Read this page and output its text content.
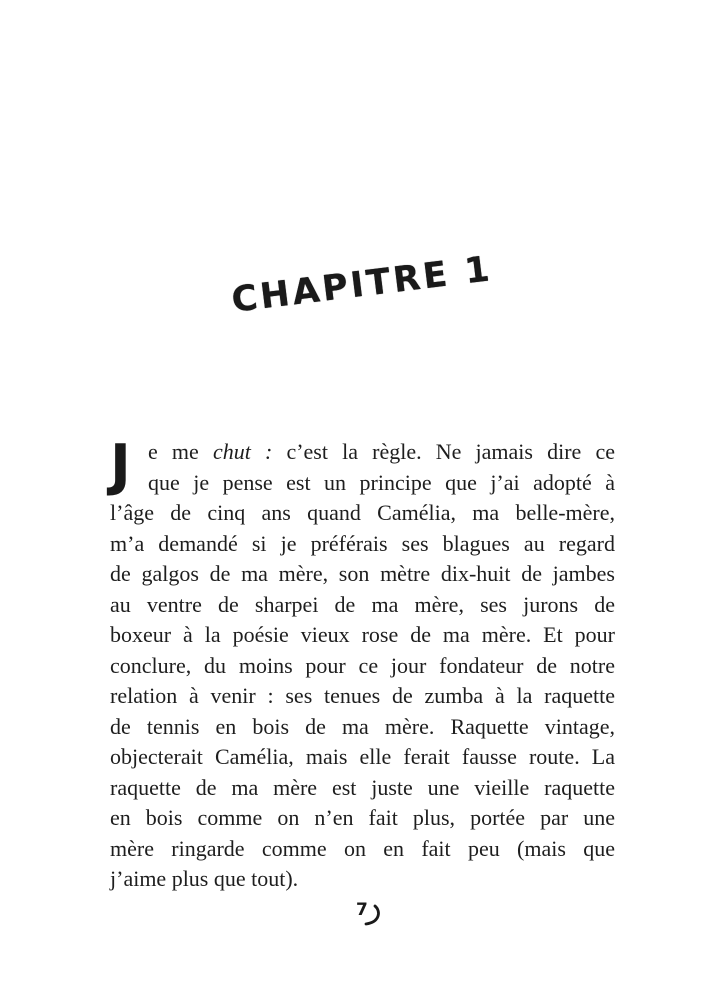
CHAPITRE 1
J e me chut : c’est la règle. Ne jamais dire ce
que je pense est un principe que j’ai adopté à
l’âge de cinq ans quand Camélia, ma belle-mère,
m’a demandé si je préférais ses blagues au regard
de galgos de ma mère, son mètre dix-huit de jambes
au ventre de sharpei de ma mère, ses jurons de
boxeur à la poésie vieux rose de ma mère. Et pour
conclure, du moins pour ce jour fondateur de notre
relation à venir : ses tenues de zumba à la raquette
de tennis en bois de ma mère. Raquette vintage,
objecterait Camélia, mais elle ferait fausse route. La
raquette de ma mère est juste une vieille raquette
en bois comme on n’en fait plus, portée par une
mère ringarde comme on en fait peu (mais que
j’aime plus que tout).
7
